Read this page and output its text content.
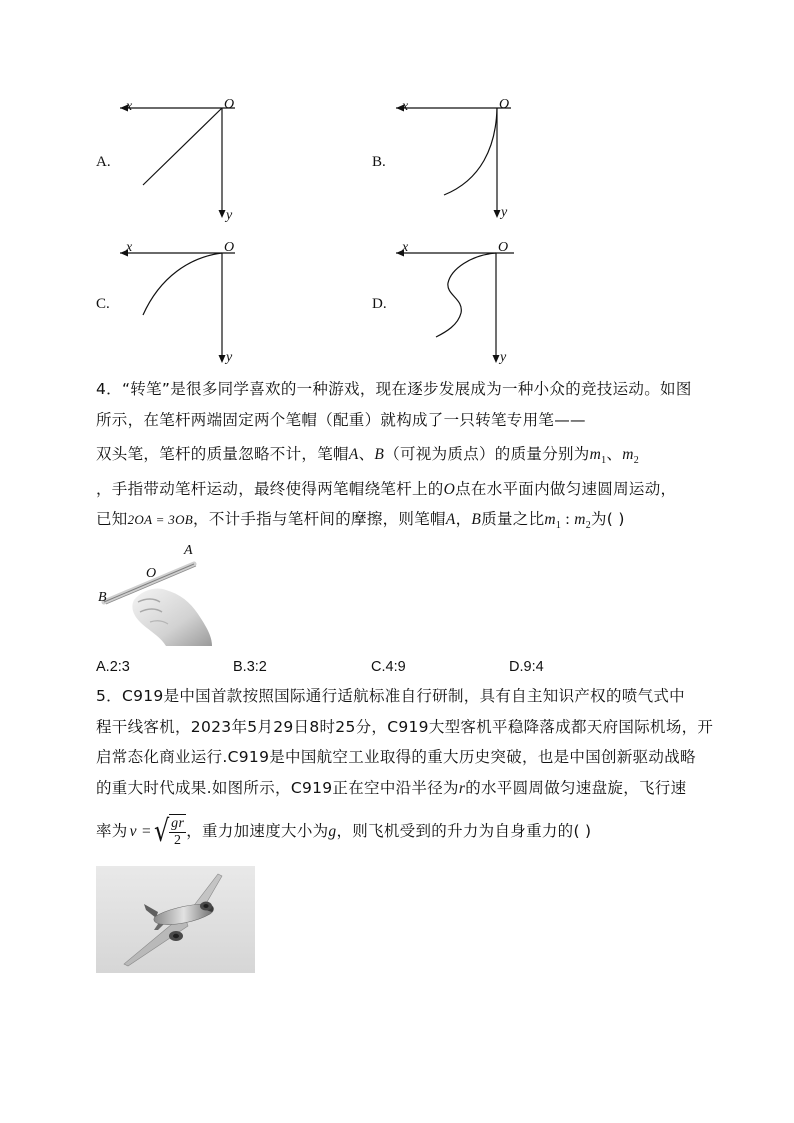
A.
x	O
y
B.
x	O
y
C.
x	O
y
D.
x	O
y
4．“转笔”是很多同学喜欢的一种游戏，现在逐步发展成为一种小众的竞技运动。如图
所示，在笔杆两端固定两个笔帽（配重）就构成了一只转笔专用笔——
双头笔，笔杆的质量忽略不计，笔帽A、B（可视为质点）的质量分别为$m_1$、$m_2$
，手指带动笔杆运动，最终使得两笔帽绕笔杆上的O点在水平面内做匀速圆周运动，
已知2OA = 3OB，不计手指与笔杆间的摩擦，则笔帽A，B质量之比$m_1$ : $m_2$为( )
A
O
B
A.2:3	B.3:2	C.4:9	D.9:4
5．C919是中国首款按照国际通行适航标准自行研制，具有自主知识产权的喷气式中
程干线客机，2023年5月29日8时25分，C919大型客机平稳降落成都天府国际机场，开
启常态化商业运行.C919是中国航空工业取得的重大历史突破，也是中国创新驱动战略
的重大时代成果.如图所示，C919正在空中沿半径为r的水平圆周做匀速盘旋，飞行速
率为 v = √ $\frac{gr}{2}$ ，重力加速度大小为g，则飞机受到的升力为自身重力的( )
